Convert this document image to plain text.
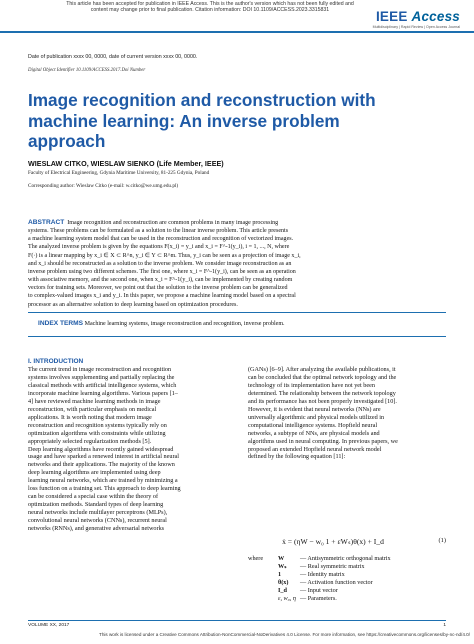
This article has been accepted for publication in IEEE Access. This is the author's version which has not been fully edited and
content may change prior to final publication. Citation information: DOI 10.1109/ACCESS.2023.3315831	IEEE Access
Multidisciplinary | Rapid Review | Open Access Journal
Date of publication xxxx 00, 0000, date of current version xxxx 00, 0000.
Digital Object Identifier 10.1109/ACCESS.2017.Doi Number
Image recognition and reconstruction with
machine learning: An inverse problem
approach
WIESLAW CITKO, WIESLAW SIENKO (Life Member, IEEE)
Faculty of Electrical Engineering, Gdynia Maritime University, 81-225 Gdynia, Poland
Corresponding author: Wieslaw Citko (e-mail: w.citko@we.umg.edu.pl)
ABSTRACT Image recognition and reconstruction are common problems in many image processing
systems. These problems can be formulated as a solution to the linear inverse problem. This article presents
a machine learning system model that can be used in the reconstruction and recognition of vectorized images.
The analyzed inverse problem is given by the equations F(x_i) = y_i and x_i = F^-1(y_i), i = 1, ..., N, where
F(·) is a linear mapping by x_i ∈ X ⊂ R^n, y_i ∈ Y ⊂ R^m. Thus, y_i can be seen as a projection of image x_i,
and x_i should be reconstructed as a solution to the inverse problem. We consider image reconstruction as an
inverse problem using two different schemes. The first one, where x_i = F^-1(y_i), can be seen as an operation
with associative memory, and the second one, when x_i = F^-1(y_i), can be implemented by creating random
vectors for training sets. Moreover, we point out that the solution to the inverse problem can be generalized
to complex-valued images x_i and y_i. In this paper, we propose a machine learning model based on a spectral
processor as an alternative solution to deep learning based on optimization procedures.
INDEX TERMS Machine learning systems, image reconstruction and recognition, inverse problem.
I. INTRODUCTION

The current trend in image reconstruction and recognition

systems involves supplementing and partially replacing the

classical methods with artificial intelligence systems, which

incorporate machine learning algorithms. Various papers [1–

4] have reviewed machine learning methods in image

reconstruction, with particular emphasis on medical

applications. It is worth noting that modern image

reconstruction and recognition systems typically rely on

optimization algorithms with constraints while utilizing

appropriately selected regularization methods [5].

Deep learning algorithms have recently gained widespread

usage and have sparked a renewed interest in artificial neural

networks and their applications. The majority of the known

deep learning algorithms are implemented using deep

learning neural networks, which are trained by minimizing a

loss function on a training set. This approach to deep learning

can be considered a special case within the theory of

optimization methods. Standard types of deep learning

neural networks include multilayer perceptrons (MLPs),

convolutional neural networks (CNNs), recurrent neural

networks (RNNs), and generative adversarial networks

(GANs) [6–9]. After analyzing the available publications, it

can be concluded that the optimal network topology and the

technology of its implementation have not yet been

determined. The relationship between the network topology

and its performance has not been properly investigated [10].

However, it is evident that neural networks (NNs) are

universally algorithmic and physical models utilized in

computational intelligence systems. Hopfield neural

networks, a subtype of NNs, are physical models and

algorithms used in neural computing. In previous papers, we

proposed an extended Hopfield neural network model

defined by the following equation [11]:

ẋ = (ηW − w₀ 1 + εWₛ)θ(x) + I_d	(1)
where	W	— Antisymmetric orthogonal matrix
	Wₛ	— Real symmetric matrix
	1	— Identity matrix
	θ(x)	— Activation function vector
	I_d	— Input vector
	ε, w₀, η	— Parameters.
VOLUME XX, 2017	1
This work is licensed under a Creative Commons Attribution-NonCommercial-NoDerivatives 4.0 License. For more information, see https://creativecommons.org/licenses/by-nc-nd/4.0/
